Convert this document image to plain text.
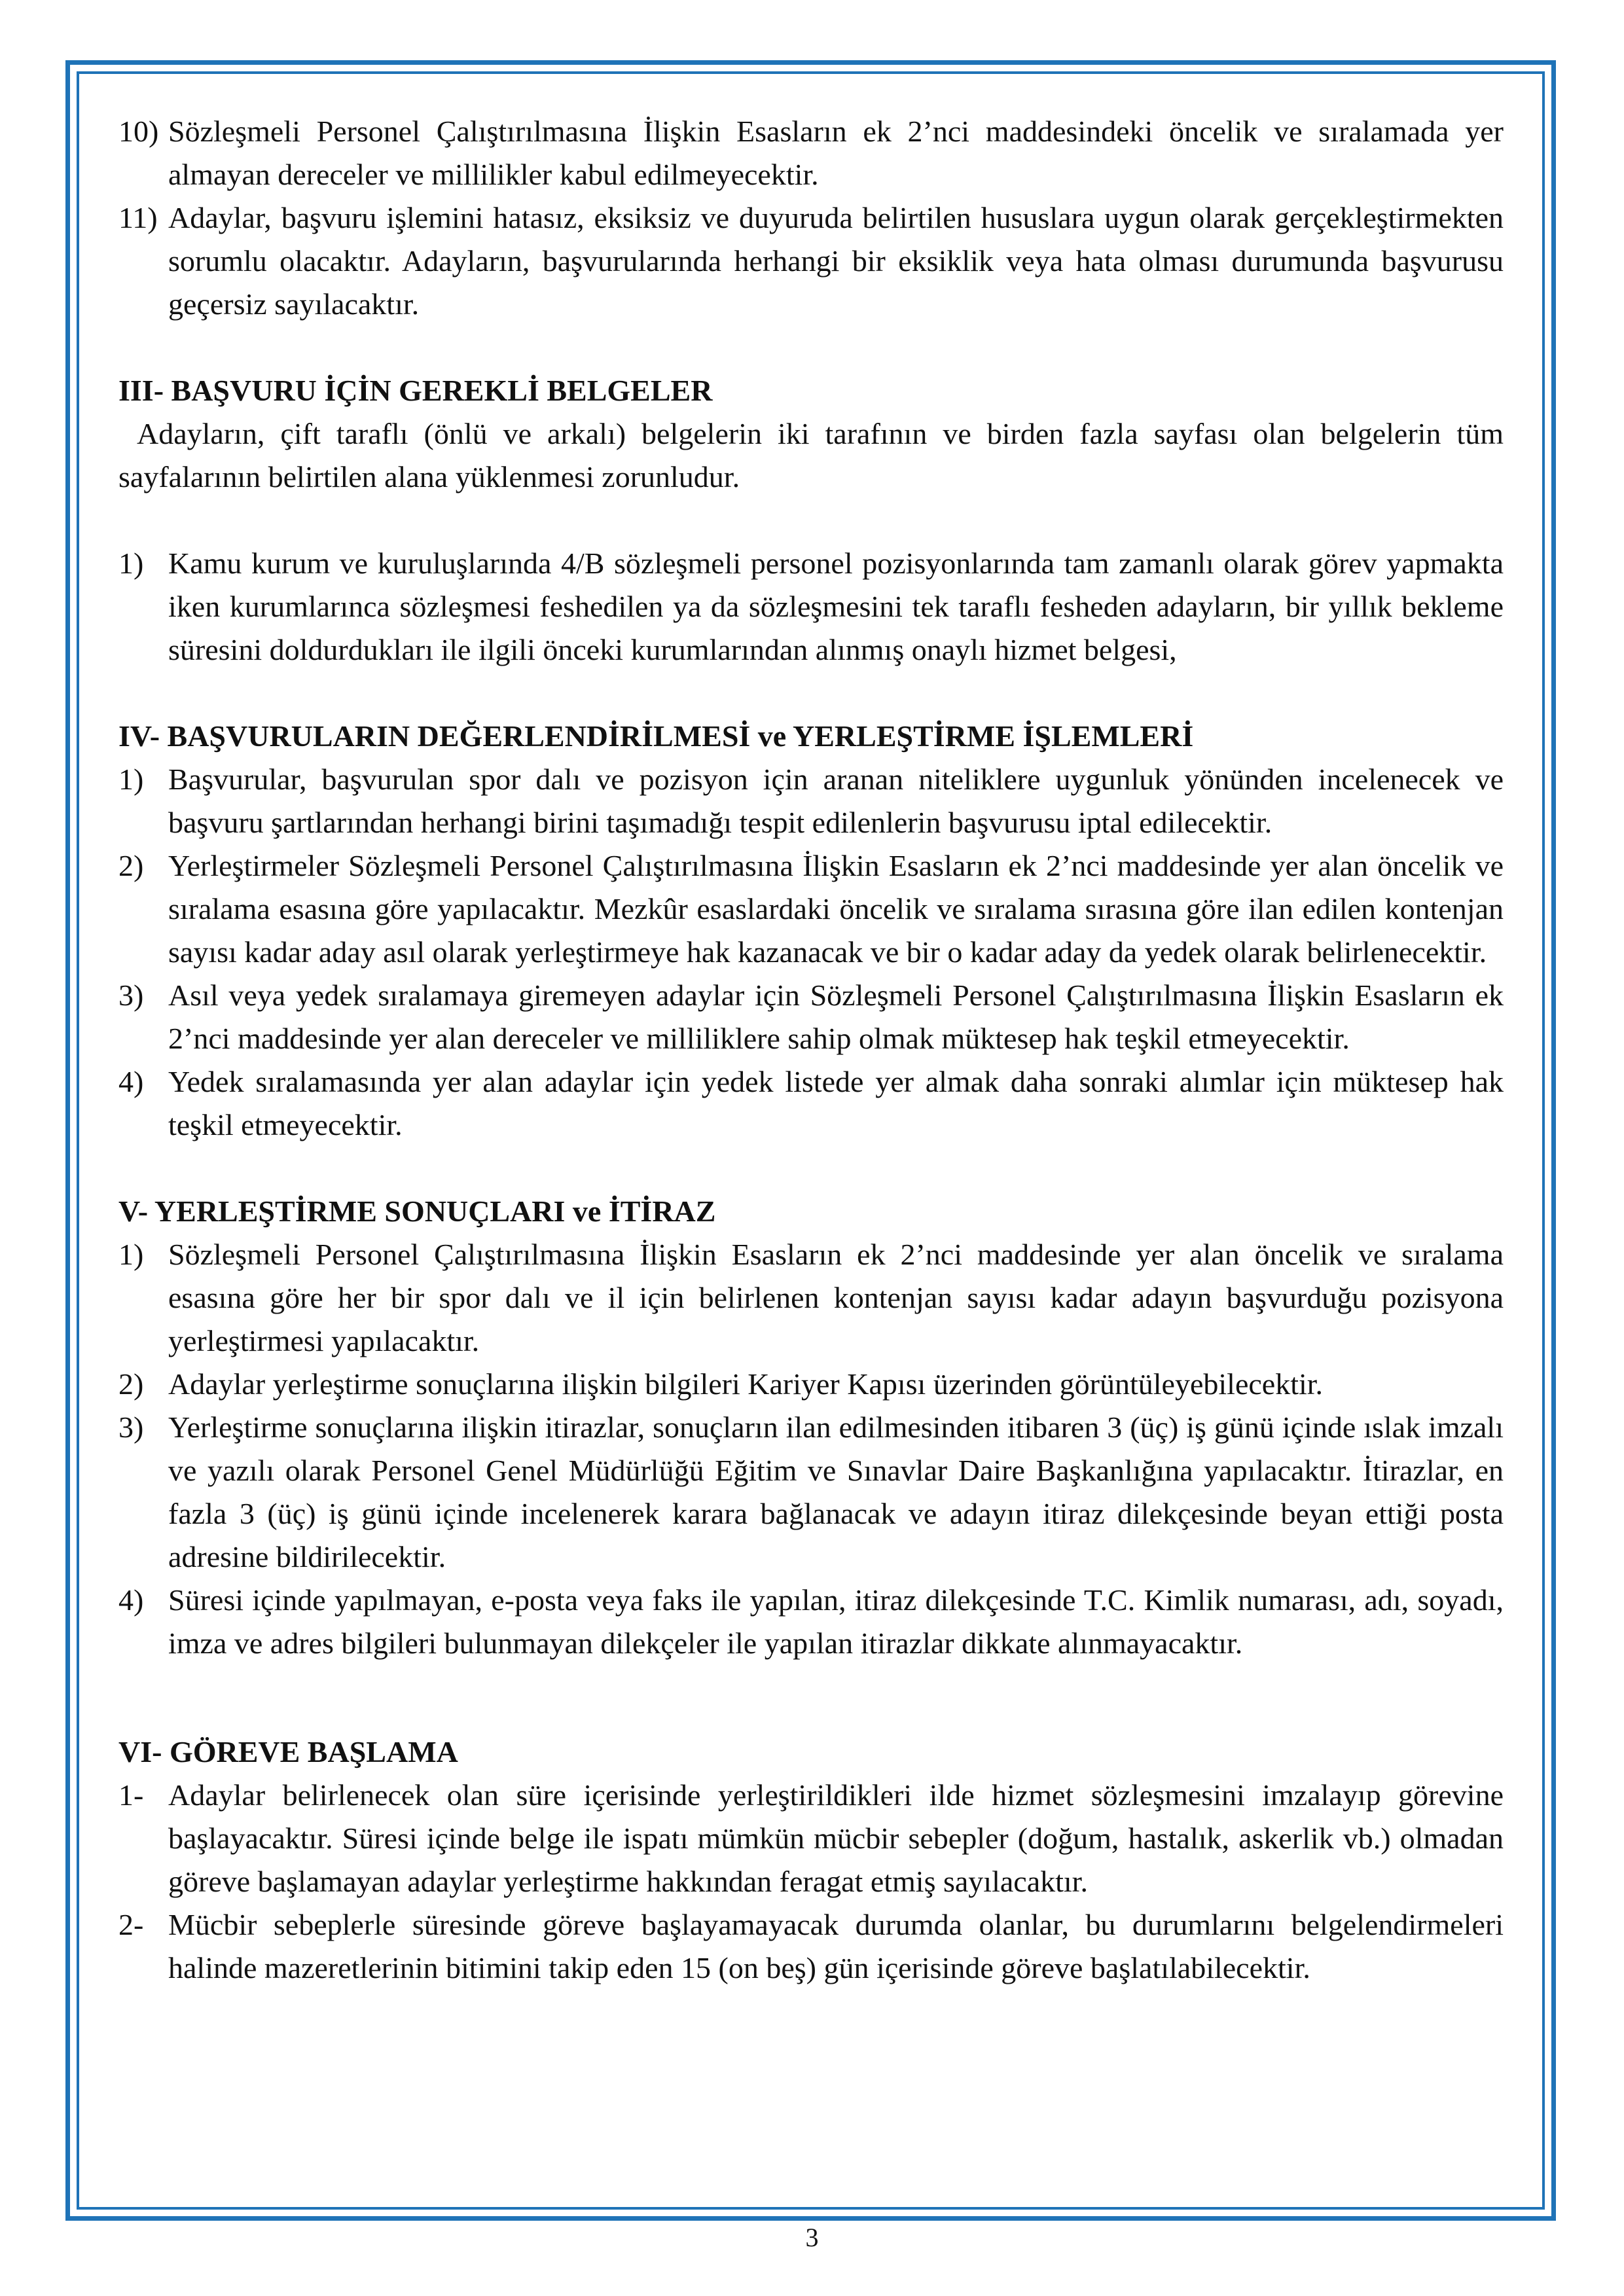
10) Sözleşmeli Personel Çalıştırılmasına İlişkin Esasların ek 2’nci maddesindeki öncelik ve sıralamada yer almayan dereceler ve millilikler kabul edilmeyecektir.
11) Adaylar, başvuru işlemini hatasız, eksiksiz ve duyuruda belirtilen hususlara uygun olarak gerçekleştirmekten sorumlu olacaktır. Adayların, başvurularında herhangi bir eksiklik veya hata olması durumunda başvurusu geçersiz sayılacaktır.
III- BAŞVURU İÇİN GEREKLİ BELGELER
Adayların, çift taraflı (önlü ve arkalı) belgelerin iki tarafının ve birden fazla sayfası olan belgelerin tüm sayfalarının belirtilen alana yüklenmesi zorunludur.
1) Kamu kurum ve kuruluşlarında 4/B sözleşmeli personel pozisyonlarında tam zamanlı olarak görev yapmakta iken kurumlarınca sözleşmesi feshedilen ya da sözleşmesini tek taraflı fesheden adayların, bir yıllık bekleme süresini doldurdukları ile ilgili önceki kurumlarından alınmış onaylı hizmet belgesi,
IV- BAŞVURULARIN DEĞERLENDİRİLMESİ ve YERLEŞTİRME İŞLEMLERİ
1) Başvurular, başvurulan spor dalı ve pozisyon için aranan niteliklere uygunluk yönünden incelenecek ve başvuru şartlarından herhangi birini taşımadığı tespit edilenlerin başvurusu iptal edilecektir.
2) Yerleştirmeler Sözleşmeli Personel Çalıştırılmasına İlişkin Esasların ek 2’nci maddesinde yer alan öncelik ve sıralama esasına göre yapılacaktır. Mezkûr esaslardaki öncelik ve sıralama sırasına göre ilan edilen kontenjan sayısı kadar aday asıl olarak yerleştirmeye hak kazanacak ve bir o kadar aday da yedek olarak belirlenecektir.
3) Asıl veya yedek sıralamaya giremeyen adaylar için Sözleşmeli Personel Çalıştırılmasına İlişkin Esasların ek 2’nci maddesinde yer alan dereceler ve milliliklere sahip olmak müktesep hak teşkil etmeyecektir.
4) Yedek sıralamasında yer alan adaylar için yedek listede yer almak daha sonraki alımlar için müktesep hak teşkil etmeyecektir.
V- YERLEŞTİRME SONUÇLARI ve İTİRAZ
1) Sözleşmeli Personel Çalıştırılmasına İlişkin Esasların ek 2’nci maddesinde yer alan öncelik ve sıralama esasına göre her bir spor dalı ve il için belirlenen kontenjan sayısı kadar adayın başvurduğu pozisyona yerleştirmesi yapılacaktır.
2) Adaylar yerleştirme sonuçlarına ilişkin bilgileri Kariyer Kapısı üzerinden görüntüleyebilecektir.
3) Yerleştirme sonuçlarına ilişkin itirazlar, sonuçların ilan edilmesinden itibaren 3 (üç) iş günü içinde ıslak imzalı ve yazılı olarak Personel Genel Müdürlüğü Eğitim ve Sınavlar Daire Başkanlığına yapılacaktır. İtirazlar, en fazla 3 (üç) iş günü içinde incelenerek karara bağlanacak ve adayın itiraz dilekçesinde beyan ettiği posta adresine bildirilecektir.
4) Süresi içinde yapılmayan, e-posta veya faks ile yapılan, itiraz dilekçesinde T.C. Kimlik numarası, adı, soyadı, imza ve adres bilgileri bulunmayan dilekçeler ile yapılan itirazlar dikkate alınmayacaktır.
VI- GÖREVE BAŞLAMA
1- Adaylar belirlenecek olan süre içerisinde yerleştirildikleri ilde hizmet sözleşmesini imzalayıp görevine başlayacaktır. Süresi içinde belge ile ispatı mümkün mücbir sebepler (doğum, hastalık, askerlik vb.) olmadan göreve başlamayan adaylar yerleştirme hakkından feragat etmiş sayılacaktır.
2- Mücbir sebeplerle süresinde göreve başlayamayacak durumda olanlar, bu durumlarını belgelendirmeleri halinde mazeretlerinin bitimini takip eden 15 (on beş) gün içerisinde göreve başlatılabilecektir.
3
